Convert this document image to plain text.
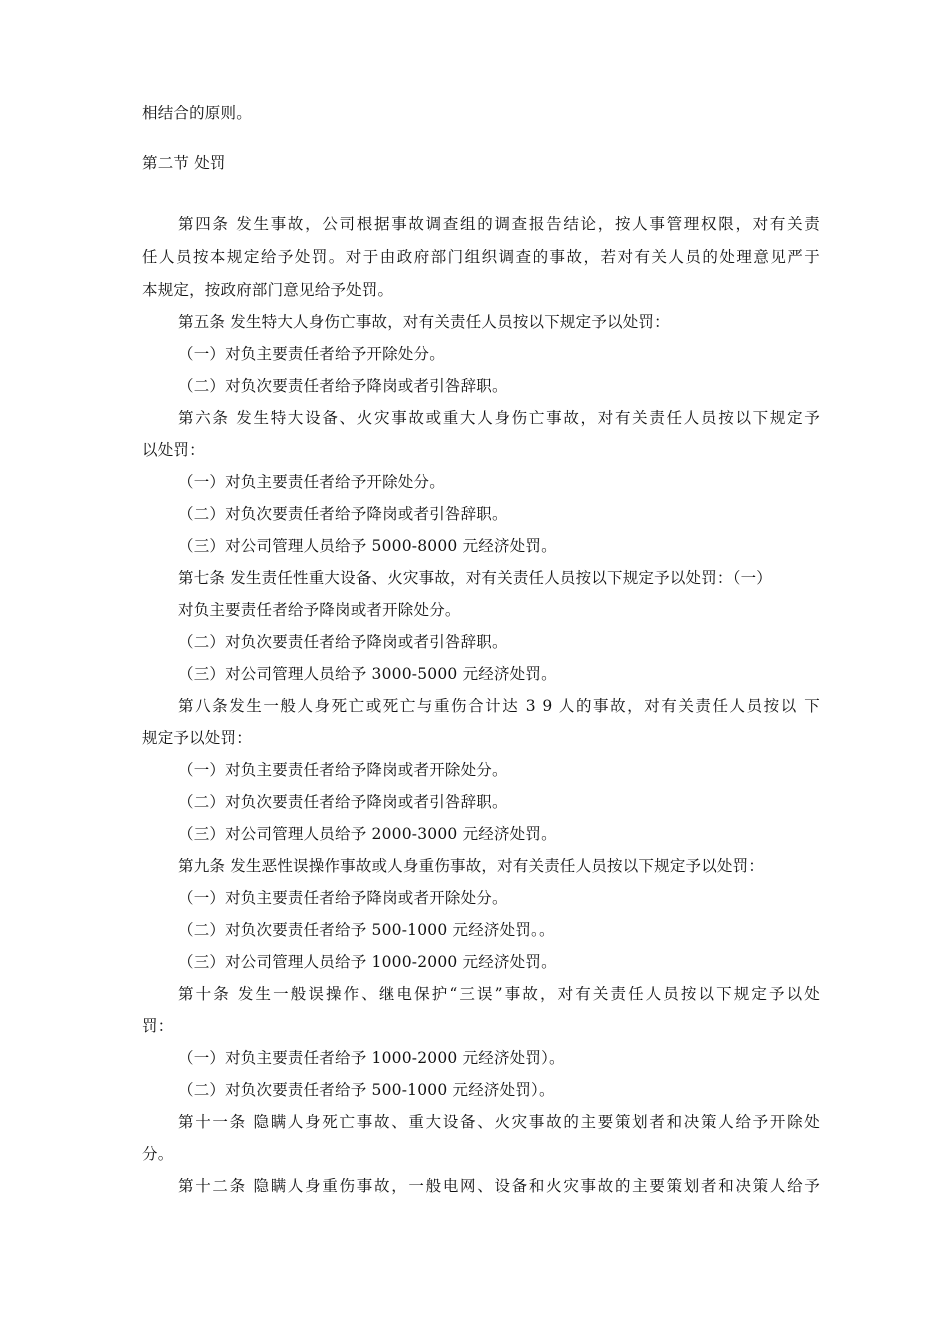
相结合的原则。
第二节 处罚
第四条 发生事故，公司根据事故调查组的调查报告结论，按人事管理权限，对有关责
任人员按本规定给予处罚。对于由政府部门组织调查的事故，若对有关人员的处理意见严于
本规定，按政府部门意见给予处罚。
第五条 发生特大人身伤亡事故，对有关责任人员按以下规定予以处罚：
（一）对负主要责任者给予开除处分。
（二）对负次要责任者给予降岗或者引咎辞职。
第六条 发生特大设备、火灾事故或重大人身伤亡事故，对有关责任人员按以下规定予
以处罚：
（一）对负主要责任者给予开除处分。
（二）对负次要责任者给予降岗或者引咎辞职。
（三）对公司管理人员给予 5000-8000 元经济处罚。
第七条 发生责任性重大设备、火灾事故，对有关责任人员按以下规定予以处罚：（一）
对负主要责任者给予降岗或者开除处分。
（二）对负次要责任者给予降岗或者引咎辞职。
（三）对公司管理人员给予 3000-5000 元经济处罚。
第八条发生一般人身死亡或死亡与重伤合计达 3 9 人的事故，对有关责任人员按以 下
规定予以处罚：
（一）对负主要责任者给予降岗或者开除处分。
（二）对负次要责任者给予降岗或者引咎辞职。
（三）对公司管理人员给予 2000-3000 元经济处罚。
第九条 发生恶性误操作事故或人身重伤事故，对有关责任人员按以下规定予以处罚：
（一）对负主要责任者给予降岗或者开除处分。
（二）对负次要责任者给予 500-1000 元经济处罚。。
（三）对公司管理人员给予 1000-2000 元经济处罚。
第十条 发生一般误操作、继电保护“三误”事故，对有关责任人员按以下规定予以处
罚：
（一）对负主要责任者给予 1000-2000 元经济处罚）。
（二）对负次要责任者给予 500-1000 元经济处罚）。
第十一条 隐瞒人身死亡事故、重大设备、火灾事故的主要策划者和决策人给予开除处
分。
第十二条 隐瞒人身重伤事故，一般电网、设备和火灾事故的主要策划者和决策人给予
